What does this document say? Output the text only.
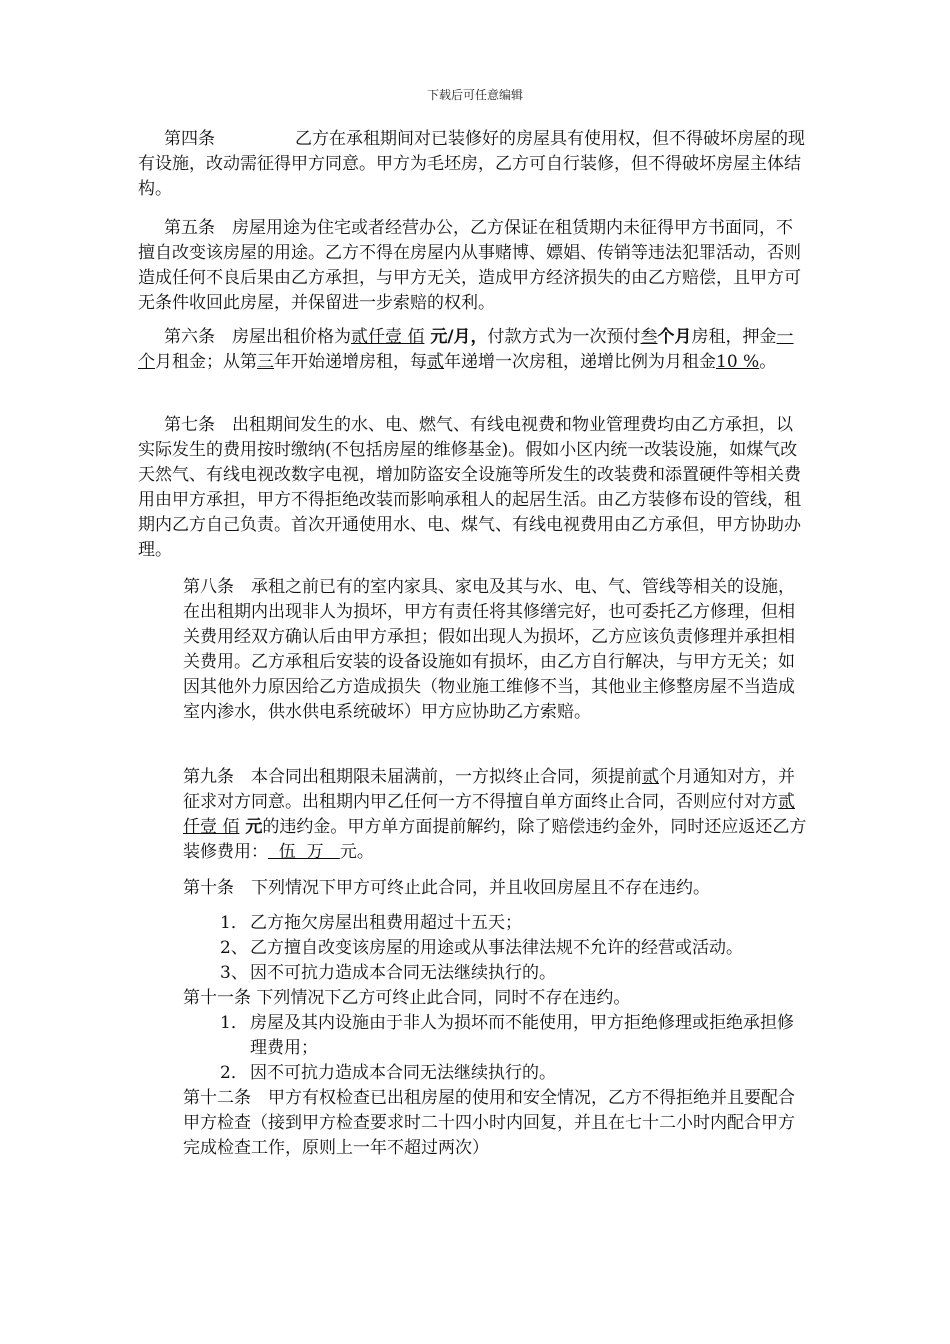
下载后可任意编辑

第四条	乙方在承租期间对已装修好的房屋具有使用权，但不得破坏房屋的现有设施，改动需征得甲方同意。甲方为毛坯房，乙方可自行装修，但不得破坏房屋主体结构。

第五条　 房屋用途为住宅或者经营办公，乙方保证在租赁期内未征得甲方书面同，不擅自改变该房屋的用途。乙方不得在房屋内从事赌博、嫖娼、传销等违法犯罪活动，否则造成任何不良后果由乙方承担，与甲方无关，造成甲方经济损失的由乙方赔偿，且甲方可无条件收回此房屋，并保留进一步索赔的权利。

第六条　 房屋出租价格为贰仟壹 佰 元/月，付款方式为一次预付叁个月房租，押金一个月租金；从第三年开始递增房租，每贰年递增一次房租，递增比例为月租金10 %。

第七条　 出租期间发生的水、电、燃气、有线电视费和物业管理费均由乙方承担，以实际发生的费用按时缴纳(不包括房屋的维修基金)。假如小区内统一改装设施，如煤气改天然气、有线电视改数字电视，增加防盗安全设施等所发生的改装费和添置硬件等相关费用由甲方承担，甲方不得拒绝改装而影响承租人的起居生活。由乙方装修布设的管线，租期内乙方自己负责。首次开通使用水、电、煤气、有线电视费用由乙方承但，甲方协助办理。

第八条　 承租之前已有的室内家具、家电及其与水、电、气、管线等相关的设施，在出租期内出现非人为损坏，甲方有责任将其修缮完好，也可委托乙方修理，但相关费用经双方确认后由甲方承担；假如出现人为损坏，乙方应该负责修理并承担相关费用。乙方承租后安装的设备设施如有损坏，由乙方自行解决，与甲方无关；如因其他外力原因给乙方造成损失（物业施工维修不当，其他业主修整房屋不当造成室内渗水，供水供电系统破坏）甲方应协助乙方索赔。

第九条　 本合同出租期限未届满前，一方拟终止合同，须提前贰个月通知对方，并征求对方同意。出租期内甲乙任何一方不得擅自单方面终止合同，否则应付对方贰仟壹 佰 元的违约金。甲方单方面提前解约，除了赔偿违约金外，同时还应返还乙方装修费用：  伍  万   元。

第十条　 下列情况下甲方可终止此合同，并且收回房屋且不存在违约。

1． 乙方拖欠房屋出租费用超过十五天；
2、 乙方擅自改变该房屋的用途或从事法律法规不允许的经营或活动。
3、 因不可抗力造成本合同无法继续执行的。
第十一条 下列情况下乙方可终止此合同，同时不存在违约。
1． 房屋及其内设施由于非人为损坏而不能使用，甲方拒绝修理或拒绝承担修理费用；
2． 因不可抗力造成本合同无法继续执行的。

第十二条　 甲方有权检查已出租房屋的使用和安全情况，乙方不得拒绝并且要配合甲方检查（接到甲方检查要求时二十四小时内回复，并且在七十二小时内配合甲方完成检查工作，原则上一年不超过两次）
